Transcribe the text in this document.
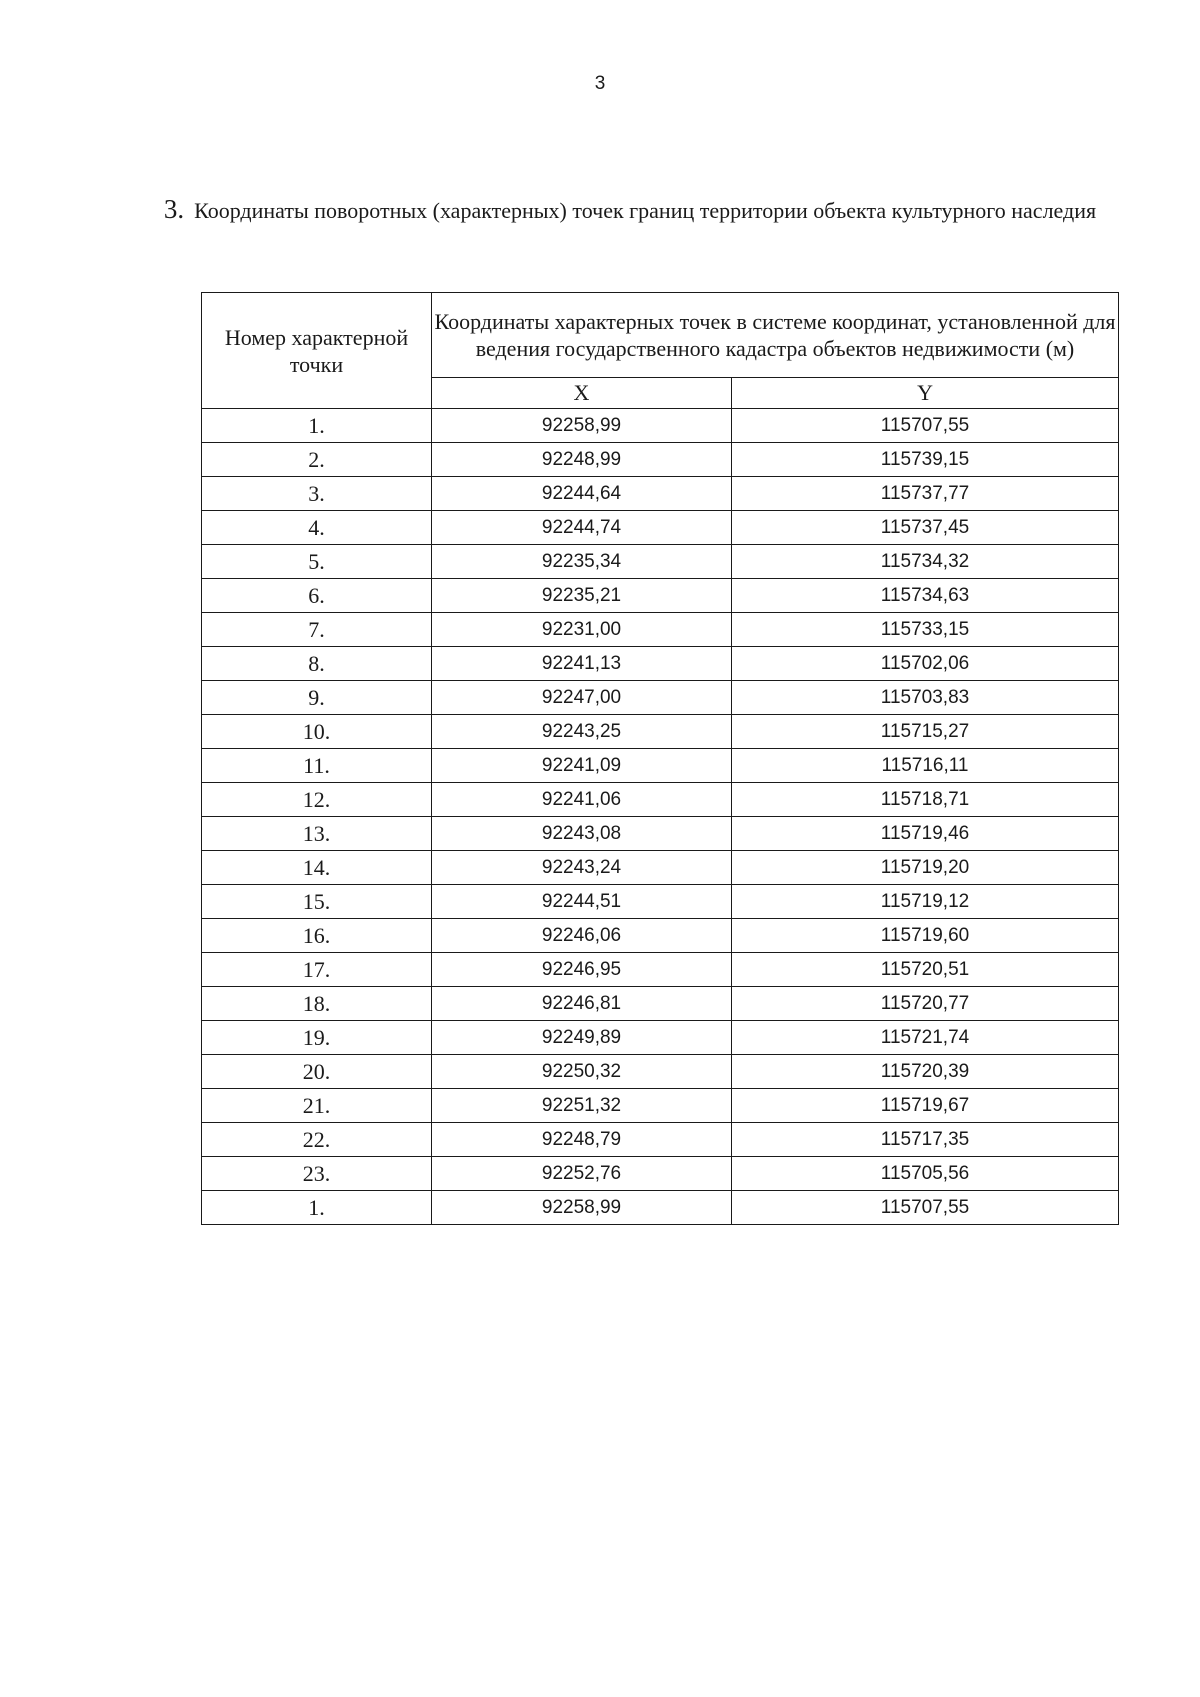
3
3. Координаты поворотных (характерных) точек границ территории объекта культурного наследия
Номер характерной точки	Координаты характерных точек в системе координат, установленной для ведения государственного кадастра объектов недвижимости (м)	
	X	Y
1.	92258,99	115707,55
2.	92248,99	115739,15
3.	92244,64	115737,77
4.	92244,74	115737,45
5.	92235,34	115734,32
6.	92235,21	115734,63
7.	92231,00	115733,15
8.	92241,13	115702,06
9.	92247,00	115703,83
10.	92243,25	115715,27
11.	92241,09	115716,11
12.	92241,06	115718,71
13.	92243,08	115719,46
14.	92243,24	115719,20
15.	92244,51	115719,12
16.	92246,06	115719,60
17.	92246,95	115720,51
18.	92246,81	115720,77
19.	92249,89	115721,74
20.	92250,32	115720,39
21.	92251,32	115719,67
22.	92248,79	115717,35
23.	92252,76	115705,56
1.	92258,99	115707,55
